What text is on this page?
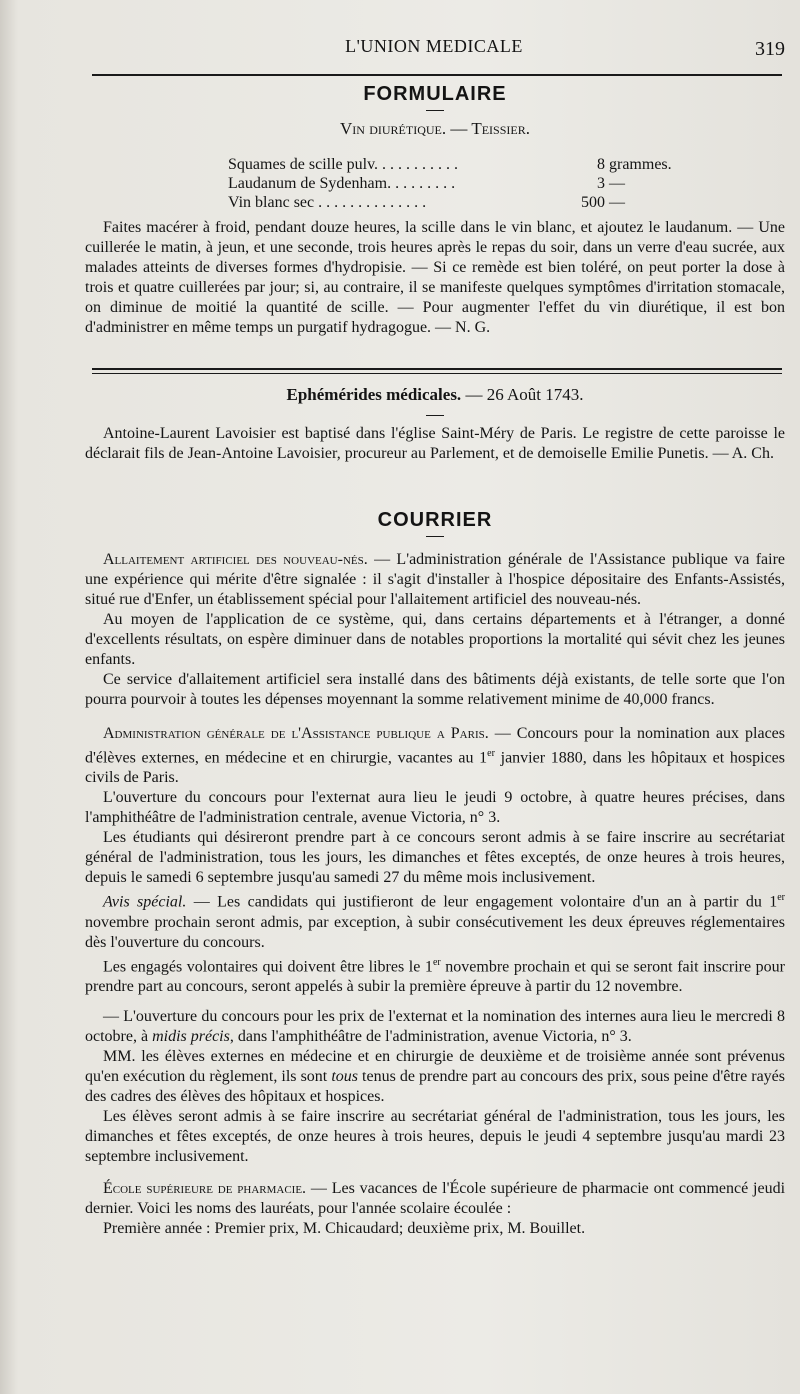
L'UNION MEDICALE	319
FORMULAIRE
Vin diurétique. — Teissier.
Squames de scille pulv. . . . . . . . . . .	8 grammes.
Laudanum de Sydenham. . . . . . . . .	3 —
Vin blanc sec . . . . . . . . . . . . . .	500 —

Faites macérer à froid, pendant douze heures, la scille dans le vin blanc, et ajoutez le laudanum. — Une cuillerée le matin, à jeun, et une seconde, trois heures après le repas du soir, dans un verre d'eau sucrée, aux malades atteints de diverses formes d'hydropisie. — Si ce remède est bien toléré, on peut porter la dose à trois et quatre cuillerées par jour; si, au contraire, il se manifeste quelques symptômes d'irritation stomacale, on diminue de moitié la quantité de scille. — Pour augmenter l'effet du vin diurétique, il est bon d'administrer en même temps un purgatif hydragogue. — N. G.

Ephémérides médicales. — 26 Août 1743.

Antoine-Laurent Lavoisier est baptisé dans l'église Saint-Méry de Paris. Le registre de cette paroisse le déclarait fils de Jean-Antoine Lavoisier, procureur au Parlement, et de demoiselle Emilie Punetis. — A. Ch.

COURRIER

Allaitement artificiel des nouveau-nés. — L'administration générale de l'Assistance publique va faire une expérience qui mérite d'être signalée : il s'agit d'installer à l'hospice dépositaire des Enfants-Assistés, situé rue d'Enfer, un établissement spécial pour l'allaitement artificiel des nouveau-nés.

Au moyen de l'application de ce système, qui, dans certains départements et à l'étranger, a donné d'excellents résultats, on espère diminuer dans de notables proportions la mortalité qui sévit chez les jeunes enfants.

Ce service d'allaitement artificiel sera installé dans des bâtiments déjà existants, de telle sorte que l'on pourra pourvoir à toutes les dépenses moyennant la somme relativement minime de 40,000 francs.

Administration générale de l'Assistance publique a Paris. — Concours pour la nomination aux places d'élèves externes, en médecine et en chirurgie, vacantes au 1er janvier 1880, dans les hôpitaux et hospices civils de Paris.

L'ouverture du concours pour l'externat aura lieu le jeudi 9 octobre, à quatre heures précises, dans l'amphithéâtre de l'administration centrale, avenue Victoria, n° 3.

Les étudiants qui désireront prendre part à ce concours seront admis à se faire inscrire au secrétariat général de l'administration, tous les jours, les dimanches et fêtes exceptés, de onze heures à trois heures, depuis le samedi 6 septembre jusqu'au samedi 27 du même mois inclusivement.

Avis spécial. — Les candidats qui justifieront de leur engagement volontaire d'un an à partir du 1er novembre prochain seront admis, par exception, à subir consécutivement les deux épreuves réglementaires dès l'ouverture du concours.

Les engagés volontaires qui doivent être libres le 1er novembre prochain et qui se seront fait inscrire pour prendre part au concours, seront appelés à subir la première épreuve à partir du 12 novembre.

— L'ouverture du concours pour les prix de l'externat et la nomination des internes aura lieu le mercredi 8 octobre, à midis précis, dans l'amphithéâtre de l'administration, avenue Victoria, n° 3.

MM. les élèves externes en médecine et en chirurgie de deuxième et de troisième année sont prévenus qu'en exécution du règlement, ils sont tous tenus de prendre part au concours des prix, sous peine d'être rayés des cadres des élèves des hôpitaux et hospices.

Les élèves seront admis à se faire inscrire au secrétariat général de l'administration, tous les jours, les dimanches et fêtes exceptés, de onze heures à trois heures, depuis le jeudi 4 septembre jusqu'au mardi 23 septembre inclusivement.

École supérieure de pharmacie. — Les vacances de l'École supérieure de pharmacie ont commencé jeudi dernier. Voici les noms des lauréats, pour l'année scolaire écoulée :

Première année : Premier prix, M. Chicaudard; deuxième prix, M. Bouillet.
